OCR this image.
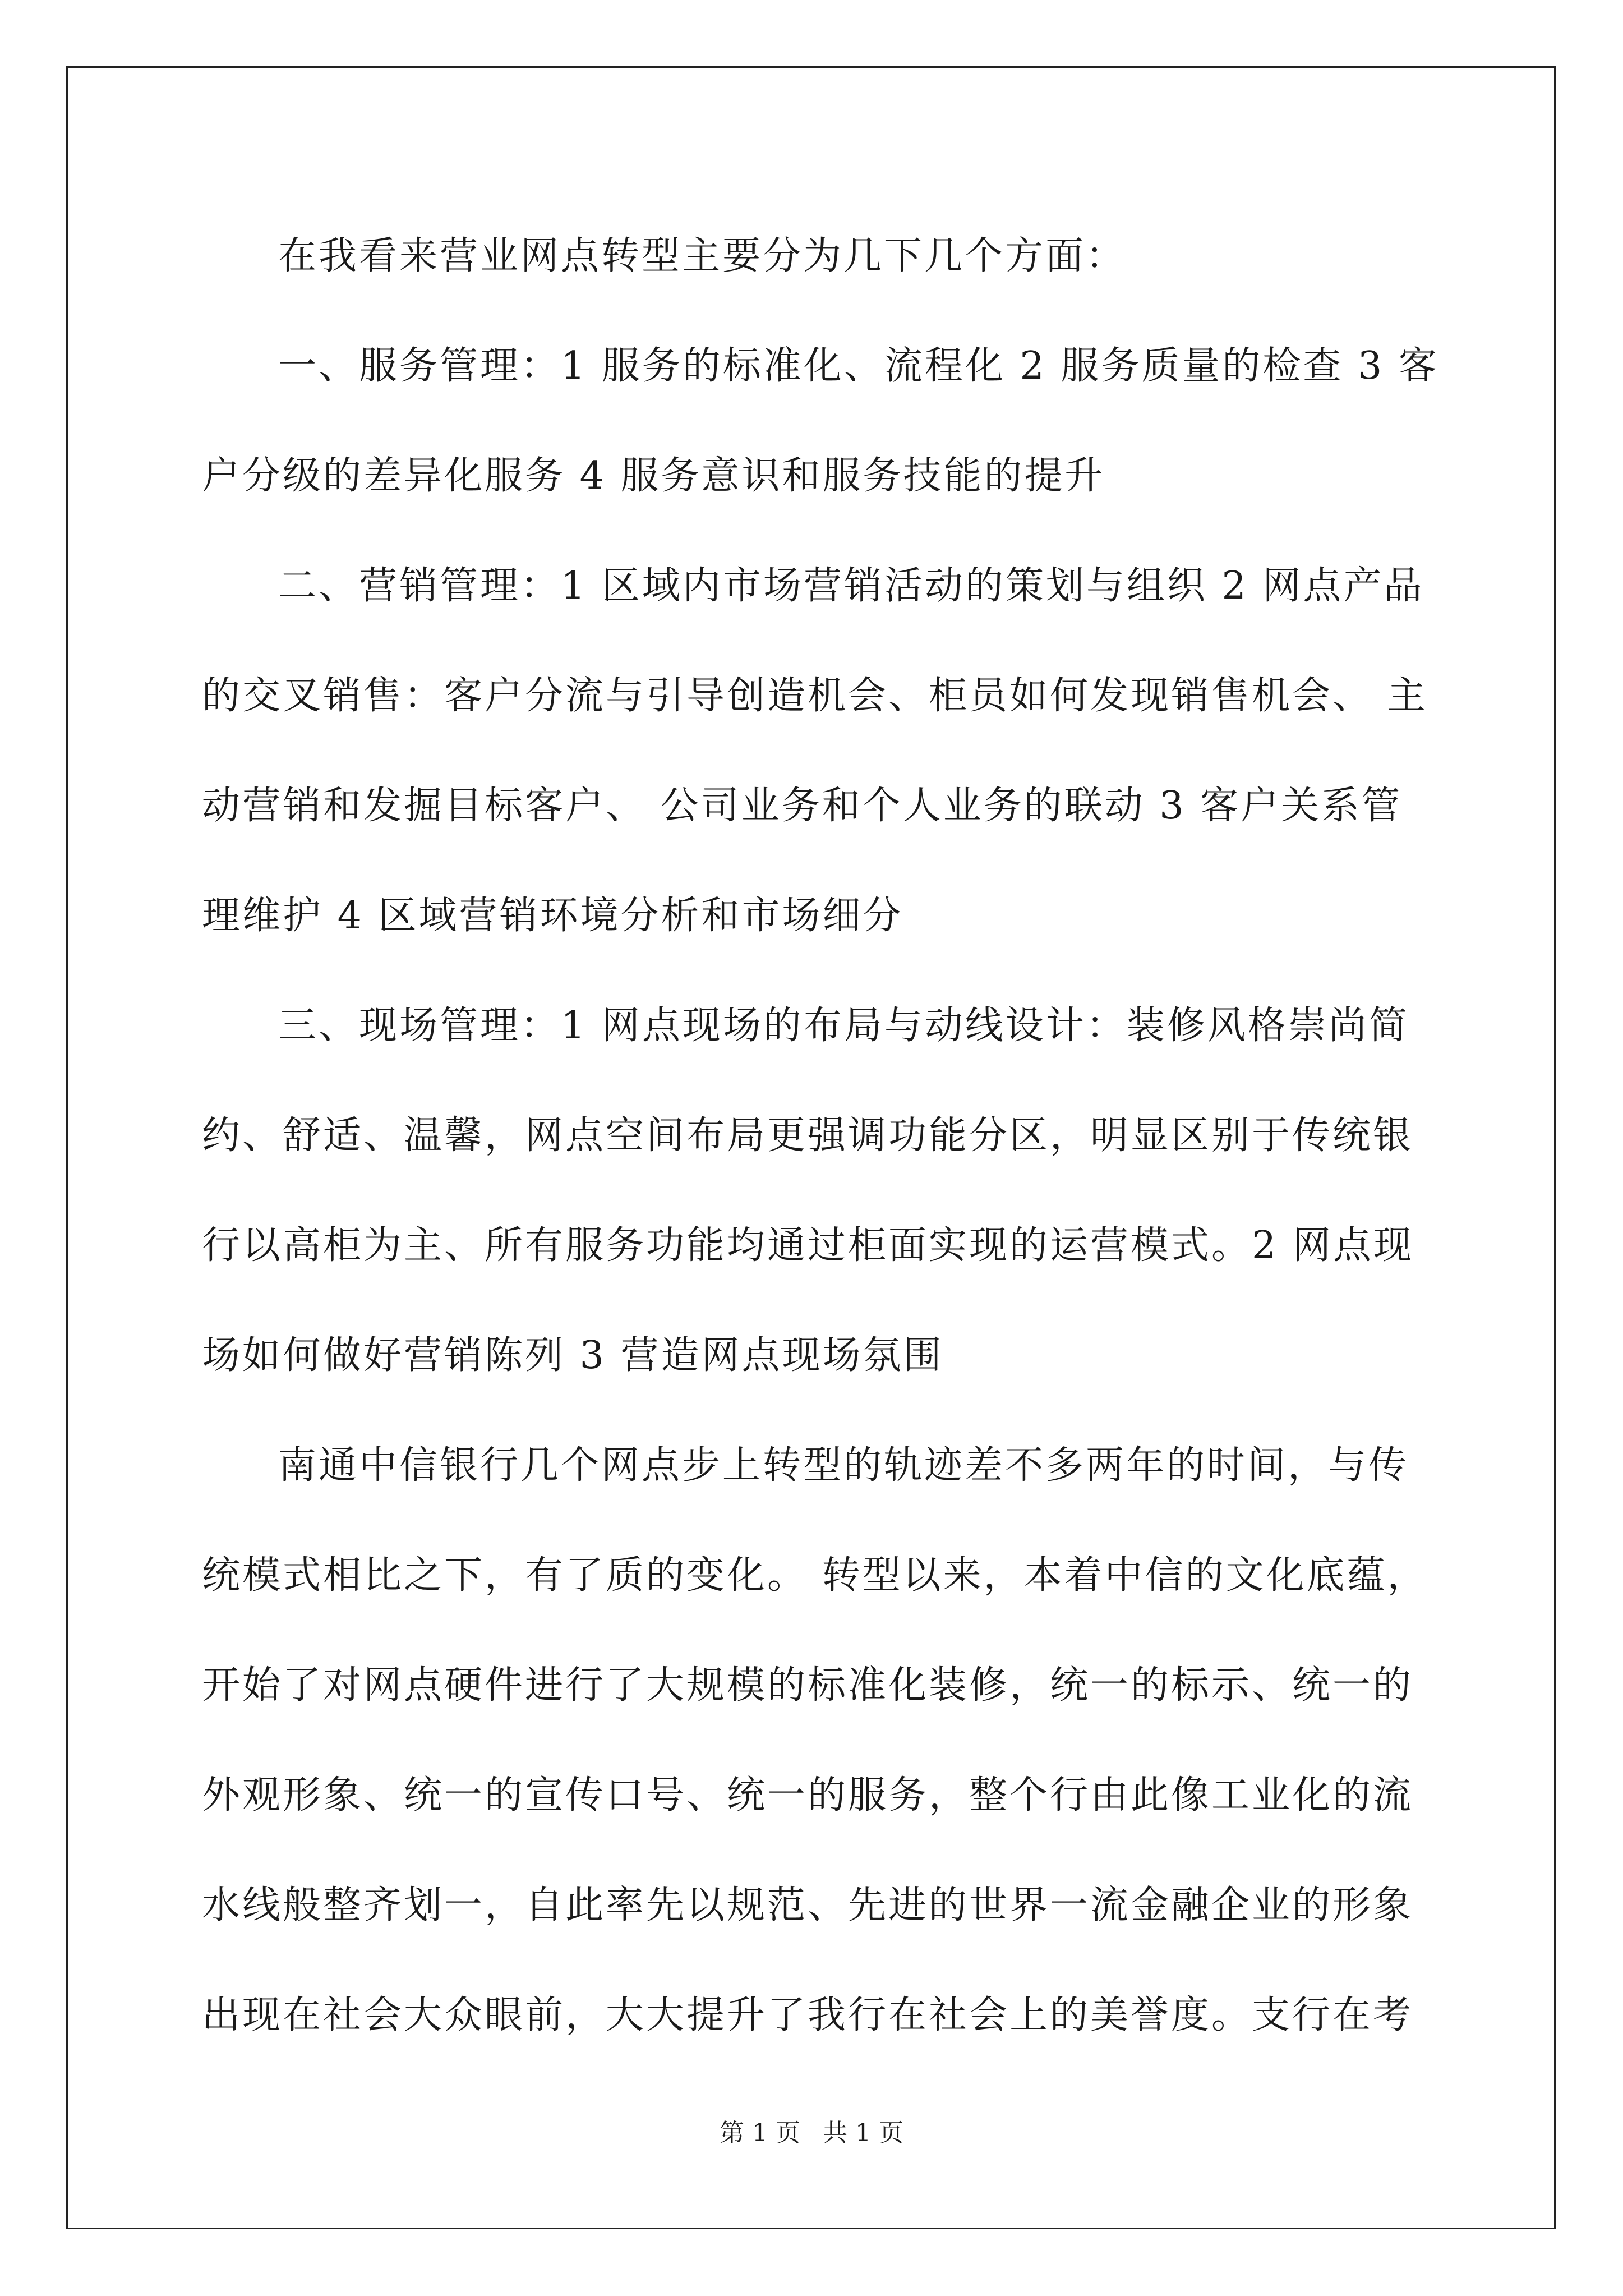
在我看来营业网点转型主要分为几下几个方面：
一、服务管理：1 服务的标准化、流程化 2 服务质量的检查 3 客
户分级的差异化服务 4 服务意识和服务技能的提升
二、营销管理：1 区域内市场营销活动的策划与组织 2 网点产品
的交叉销售：客户分流与引导创造机会、柜员如何发现销售机会、 主
动营销和发掘目标客户、 公司业务和个人业务的联动 3 客户关系管
理维护 4 区域营销环境分析和市场细分
三、现场管理：1 网点现场的布局与动线设计：装修风格崇尚简
约、舒适、温馨，网点空间布局更强调功能分区，明显区别于传统银
行以高柜为主、所有服务功能均通过柜面实现的运营模式。2 网点现
场如何做好营销陈列 3 营造网点现场氛围
南通中信银行几个网点步上转型的轨迹差不多两年的时间，与传
统模式相比之下，有了质的变化。 转型以来，本着中信的文化底蕴，
开始了对网点硬件进行了大规模的标准化装修，统一的标示、统一的
外观形象、统一的宣传口号、统一的服务，整个行由此像工业化的流
水线般整齐划一，自此率先以规范、先进的世界一流金融企业的形象
出现在社会大众眼前，大大提升了我行在社会上的美誉度。支行在考
第 1 页 共 1 页
